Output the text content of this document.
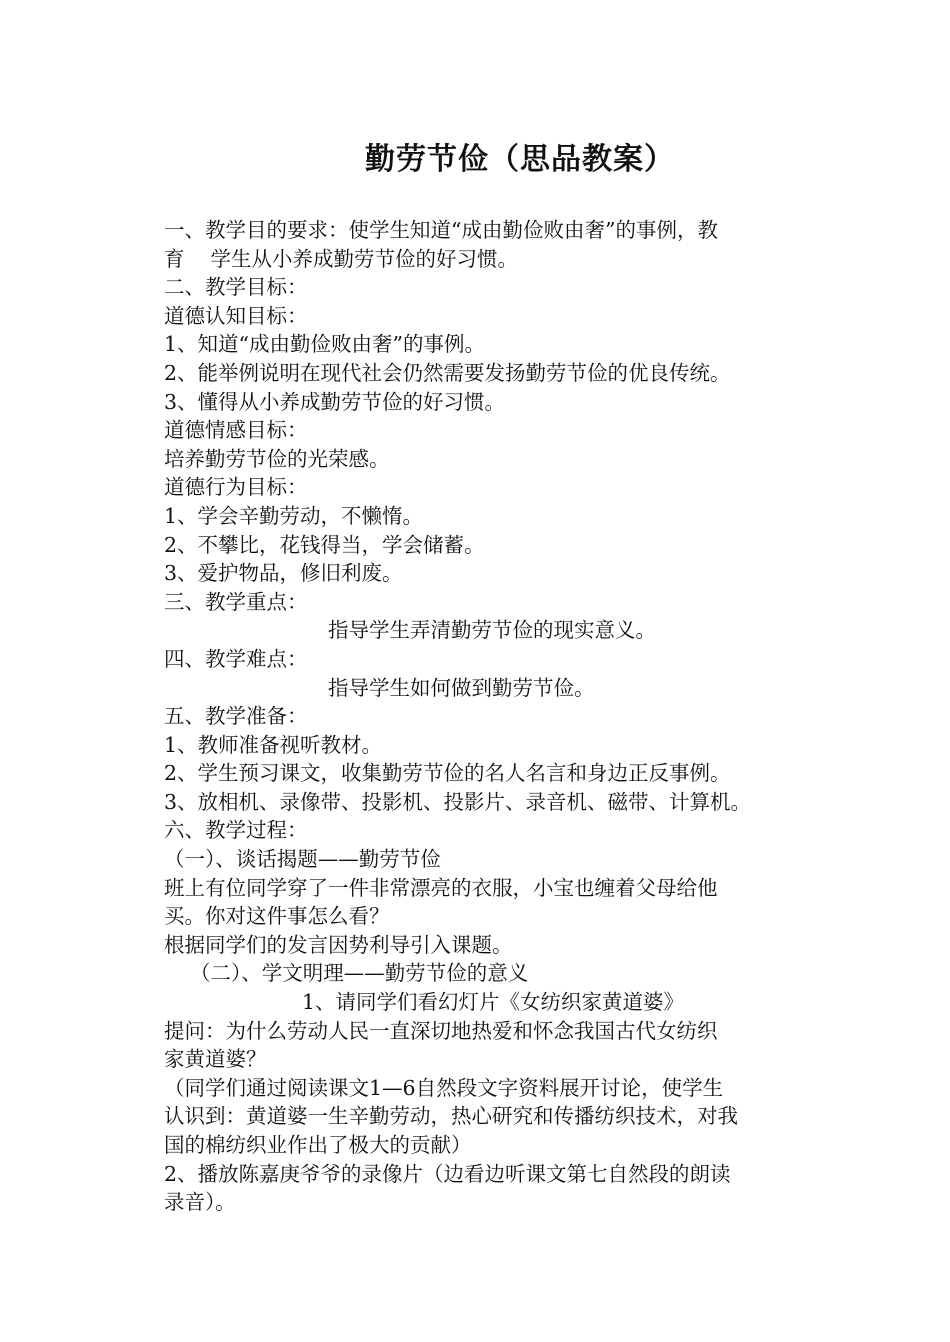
勤劳节俭（思品教案）
一、教学目的要求：使学生知道“成由勤俭败由奢”的事例，教
育 学生从小养成勤劳节俭的好习惯。
二、教学目标：
道德认知目标：
1、知道“成由勤俭败由奢”的事例。
2、能举例说明在现代社会仍然需要发扬勤劳节俭的优良传统。
3、懂得从小养成勤劳节俭的好习惯。
道德情感目标：
培养勤劳节俭的光荣感。
道德行为目标：
1、学会辛勤劳动，不懒惰。
2、不攀比，花钱得当，学会储蓄。
3、爱护物品，修旧利废。
三、教学重点：
指导学生弄清勤劳节俭的现实意义。
四、教学难点：
指导学生如何做到勤劳节俭。
五、教学准备：
1、教师准备视听教材。
2、学生预习课文，收集勤劳节俭的名人名言和身边正反事例。
3、放相机、录像带、投影机、投影片、录音机、磁带、计算机。
六、教学过程：
（一）、谈话揭题——勤劳节俭
班上有位同学穿了一件非常漂亮的衣服，小宝也缠着父母给他
买。你对这件事怎么看？
根据同学们的发言因势利导引入课题。
（二）、学文明理——勤劳节俭的意义
1、请同学们看幻灯片《女纺织家黄道婆》
提问：为什么劳动人民一直深切地热爱和怀念我国古代女纺织
家黄道婆？
（同学们通过阅读课文1—6自然段文字资料展开讨论，使学生
认识到：黄道婆一生辛勤劳动，热心研究和传播纺织技术，对我
国的棉纺织业作出了极大的贡献）
2、播放陈嘉庚爷爷的录像片（边看边听课文第七自然段的朗读
录音）。
